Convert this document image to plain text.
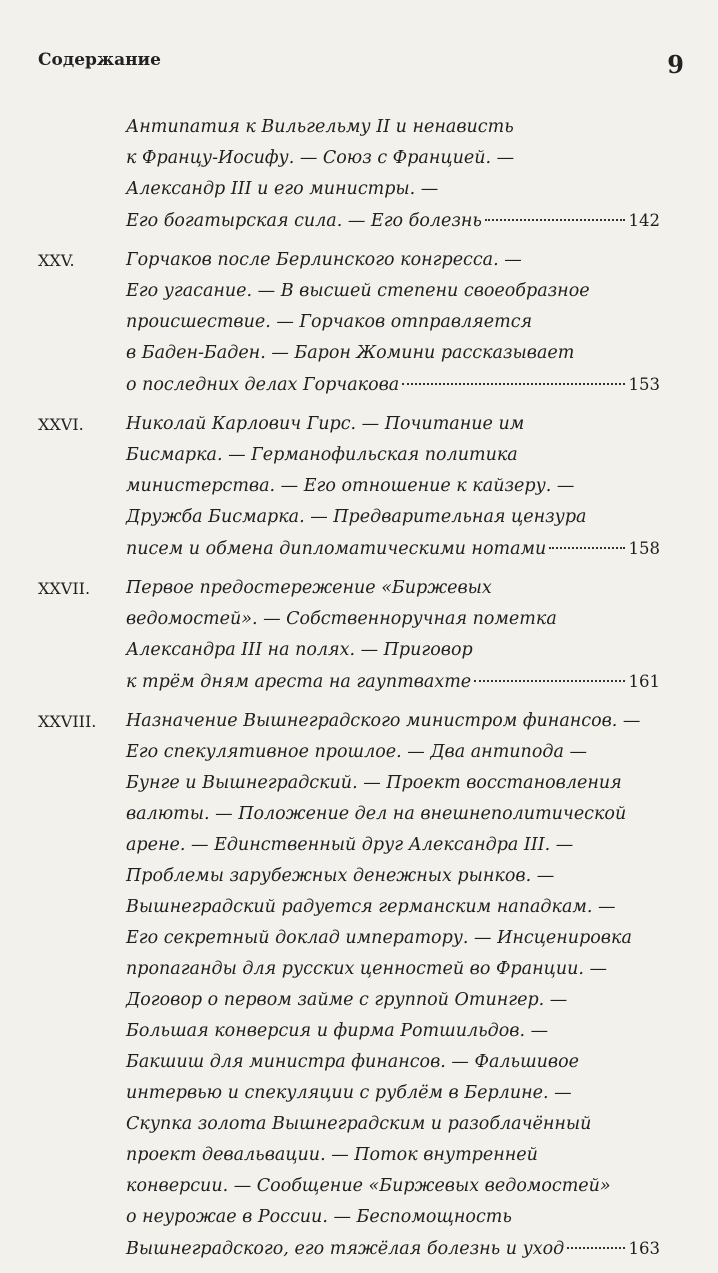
Содержание	9
Антипатия к Вильгельму II и ненависть
к Францу-Иосифу. — Союз с Францией. —
Александр III и его министры. —
Его богатырская сила. — Его болезнь	142
XXV.	Горчаков после Берлинского конгресса. —
Его угасание. — В высшей степени своеобразное
происшествие. — Горчаков отправляется
в Баден-Баден. — Барон Жомини рассказывает
о последних делах Горчакова	153
XXVI. Николай Карлович Гирс. — Почитание им
Бисмарка. — Германофильская политика
министерства. — Его отношение к кайзеру. —
Дружба Бисмарка. — Предварительная цензура
писем и обмена дипломатическими нотами	158
XXVII. Первое предостережение «Биржевых
ведомостей». — Собственноручная пометка
Александра III на полях. — Приговор
к трём дням ареста на гауптвахте	161
XXVIII. Назначение Вышнеградского министром финансов. —
Его спекулятивное прошлое. — Два антипода —
Бунге и Вышнеградский. — Проект восстановления
валюты. — Положение дел на внешнеполитической
арене. — Единственный друг Александра III. —
Проблемы зарубежных денежных рынков. —
Вышнеградский радуется германским нападкам. —
Его секретный доклад императору. — Инсценировка
пропаганды для русских ценностей во Франции. —
Договор о первом займе с группой Отингер. —
Большая конверсия и фирма Ротшильдов. —
Бакшиш для министра финансов. — Фальшивое
интервью и спекуляции с рублём в Берлине. —
Скупка золота Вышнеградским и разоблачённый
проект девальвации. — Поток внутренней
конверсии. — Сообщение «Биржевых ведомостей»
о неурожае в России. — Беспомощность
Вышнеградского, его тяжёлая болезнь и уход	163
